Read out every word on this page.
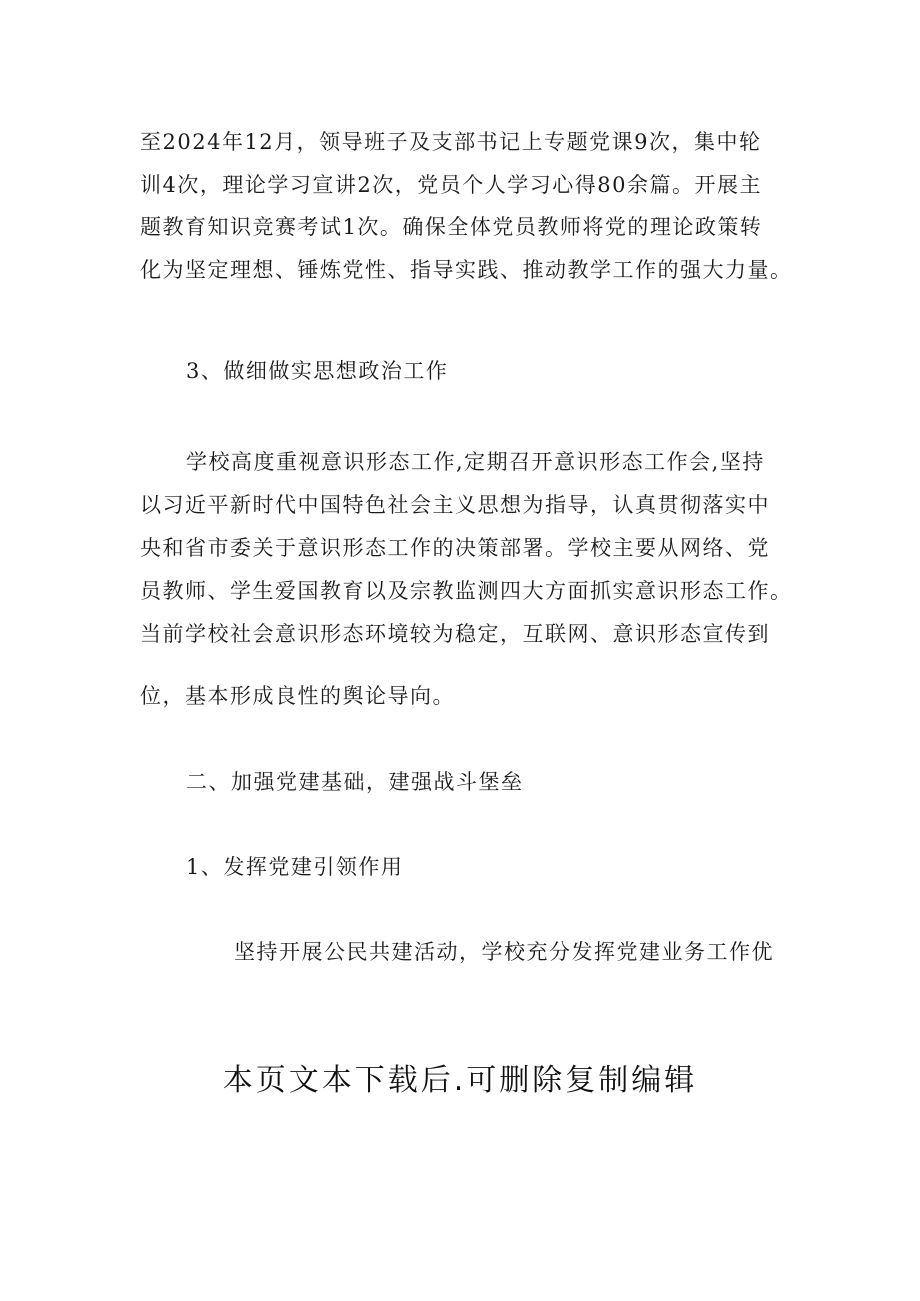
至2024年12月，领导班子及支部书记上专题党课9次，集中轮
训4次，理论学习宣讲2次，党员个人学习心得80余篇。开展主
题教育知识竞赛考试1次。确保全体党员教师将党的理论政策转
化为坚定理想、锤炼党性、指导实践、推动教学工作的强大力量。
3、做细做实思想政治工作
学校高度重视意识形态工作,定期召开意识形态工作会,坚持
以习近平新时代中国特色社会主义思想为指导，认真贯彻落实中
央和省市委关于意识形态工作的决策部署。学校主要从网络、党
员教师、学生爱国教育以及宗教监测四大方面抓实意识形态工作。
当前学校社会意识形态环境较为稳定，互联网、意识形态宣传到
位，基本形成良性的舆论导向。
二、加强党建基础，建强战斗堡垒
1、发挥党建引领作用
坚持开展公民共建活动，学校充分发挥党建业务工作优
本页文本下载后.可删除复制编辑
